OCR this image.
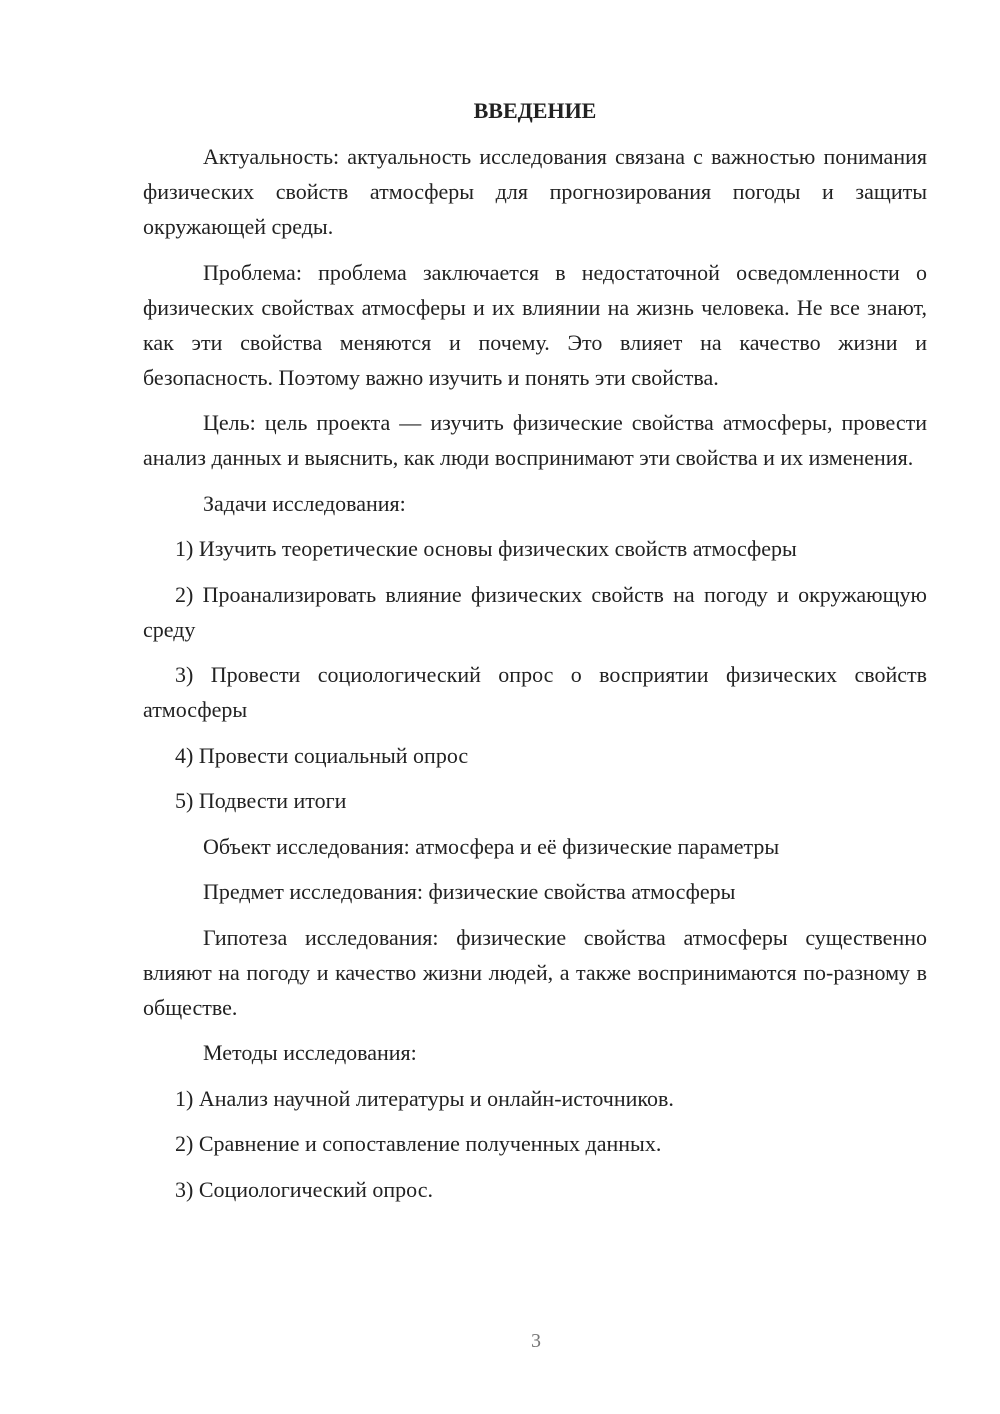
ВВЕДЕНИЕ

Актуальность: актуальность исследования связана с важностью понимания физических свойств атмосферы для прогнозирования погоды и защиты окружающей среды.

Проблема: проблема заключается в недостаточной осведомленности о физических свойствах атмосферы и их влиянии на жизнь человека. Не все знают, как эти свойства меняются и почему. Это влияет на качество жизни и безопасность. Поэтому важно изучить и понять эти свойства.

Цель: цель проекта — изучить физические свойства атмосферы, провести анализ данных и выяснить, как люди воспринимают эти свойства и их изменения.

Задачи исследования:

1) Изучить теоретические основы физических свойств атмосферы

2) Проанализировать влияние физических свойств на погоду и окружающую среду

3) Провести социологический опрос о восприятии физических свойств атмосферы

4) Провести социальный опрос

5) Подвести итоги

Объект исследования: атмосфера и её физические параметры

Предмет исследования: физические свойства атмосферы

Гипотеза исследования: физические свойства атмосферы существенно влияют на погоду и качество жизни людей, а также воспринимаются по-разному в обществе.

Методы исследования:

1) Анализ научной литературы и онлайн-источников.

2) Сравнение и сопоставление полученных данных.

3) Социологический опрос.

3
